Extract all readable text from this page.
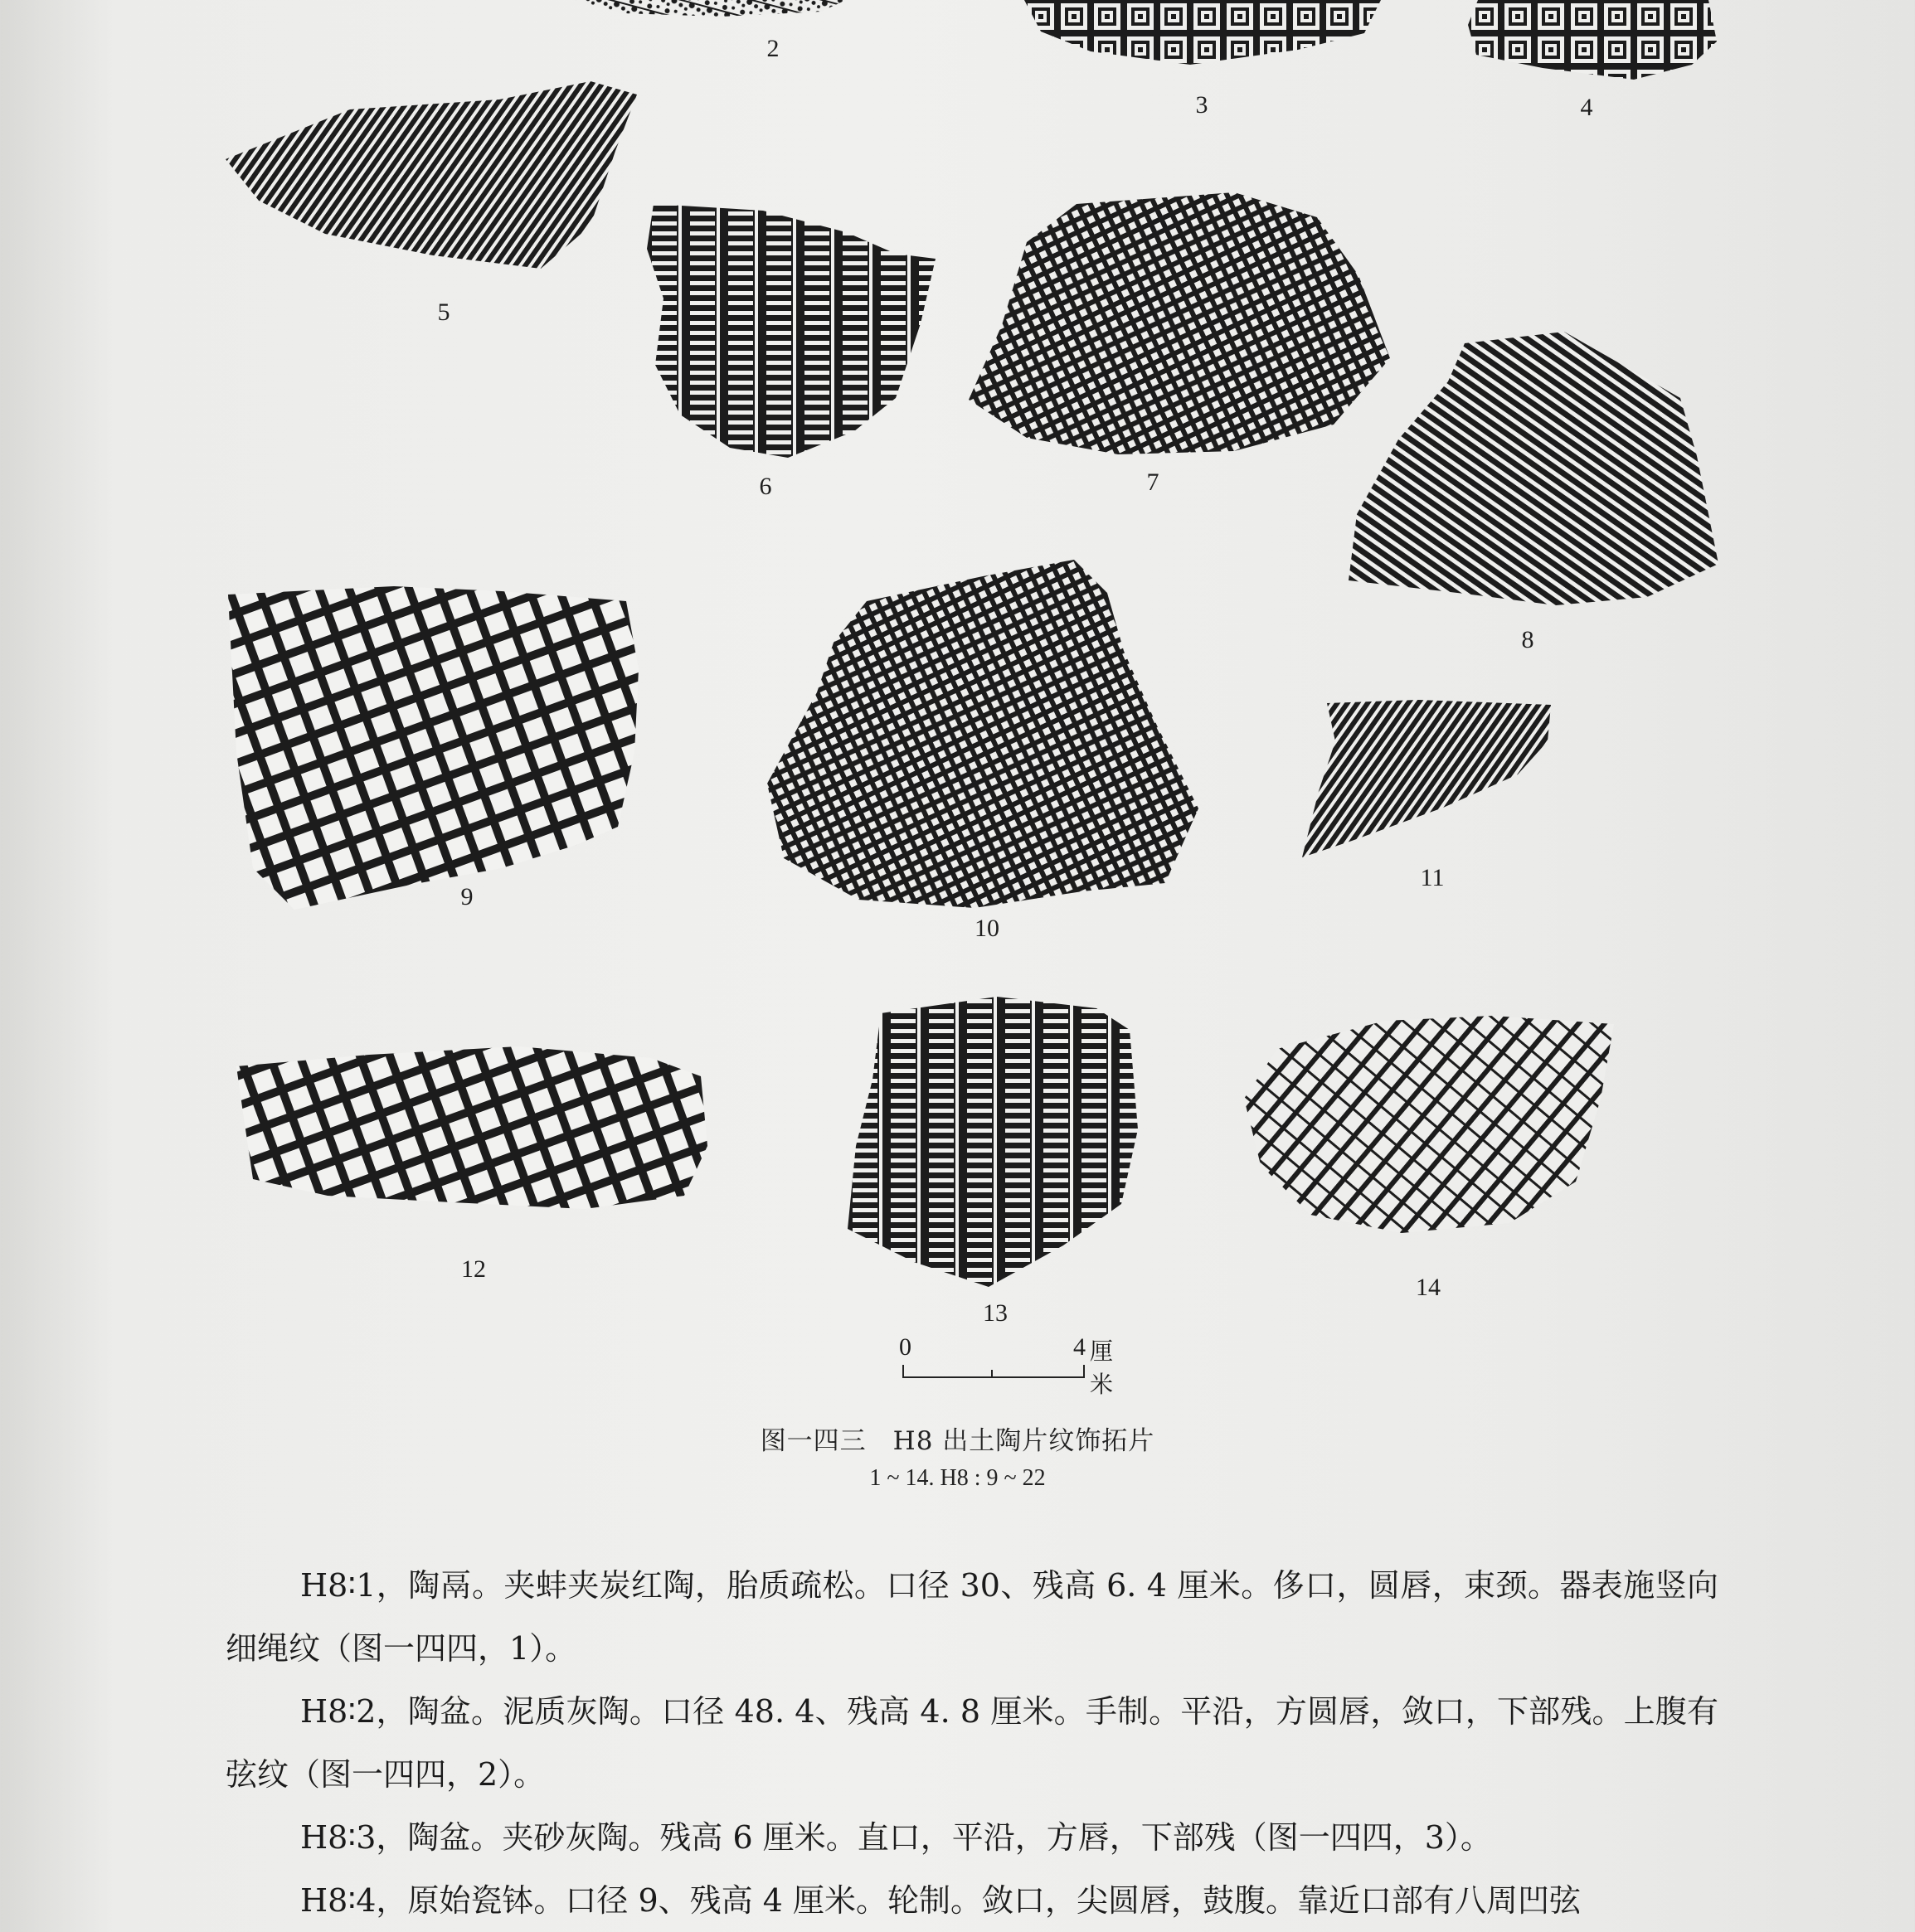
2
3	4
5
6	7
8
9
10
11
12
13
14
0	4 厘米
图一四三　H8 出土陶片纹饰拓片
1 ~ 14. H8 : 9 ~ 22

H8∶1，陶鬲。夹蚌夹炭红陶，胎质疏松。口径 30、残高 6. 4 厘米。侈口，圆唇，束颈。器表施竖向细绳纹（图一四四，1）。

H8∶2，陶盆。泥质灰陶。口径 48. 4、残高 4. 8 厘米。手制。平沿，方圆唇，敛口，下部残。上腹有弦纹（图一四四，2）。

H8∶3，陶盆。夹砂灰陶。残高 6 厘米。直口，平沿，方唇，下部残（图一四四，3）。

H8∶4，原始瓷钵。口径 9、残高 4 厘米。轮制。敛口，尖圆唇，鼓腹。靠近口部有八周凹弦
